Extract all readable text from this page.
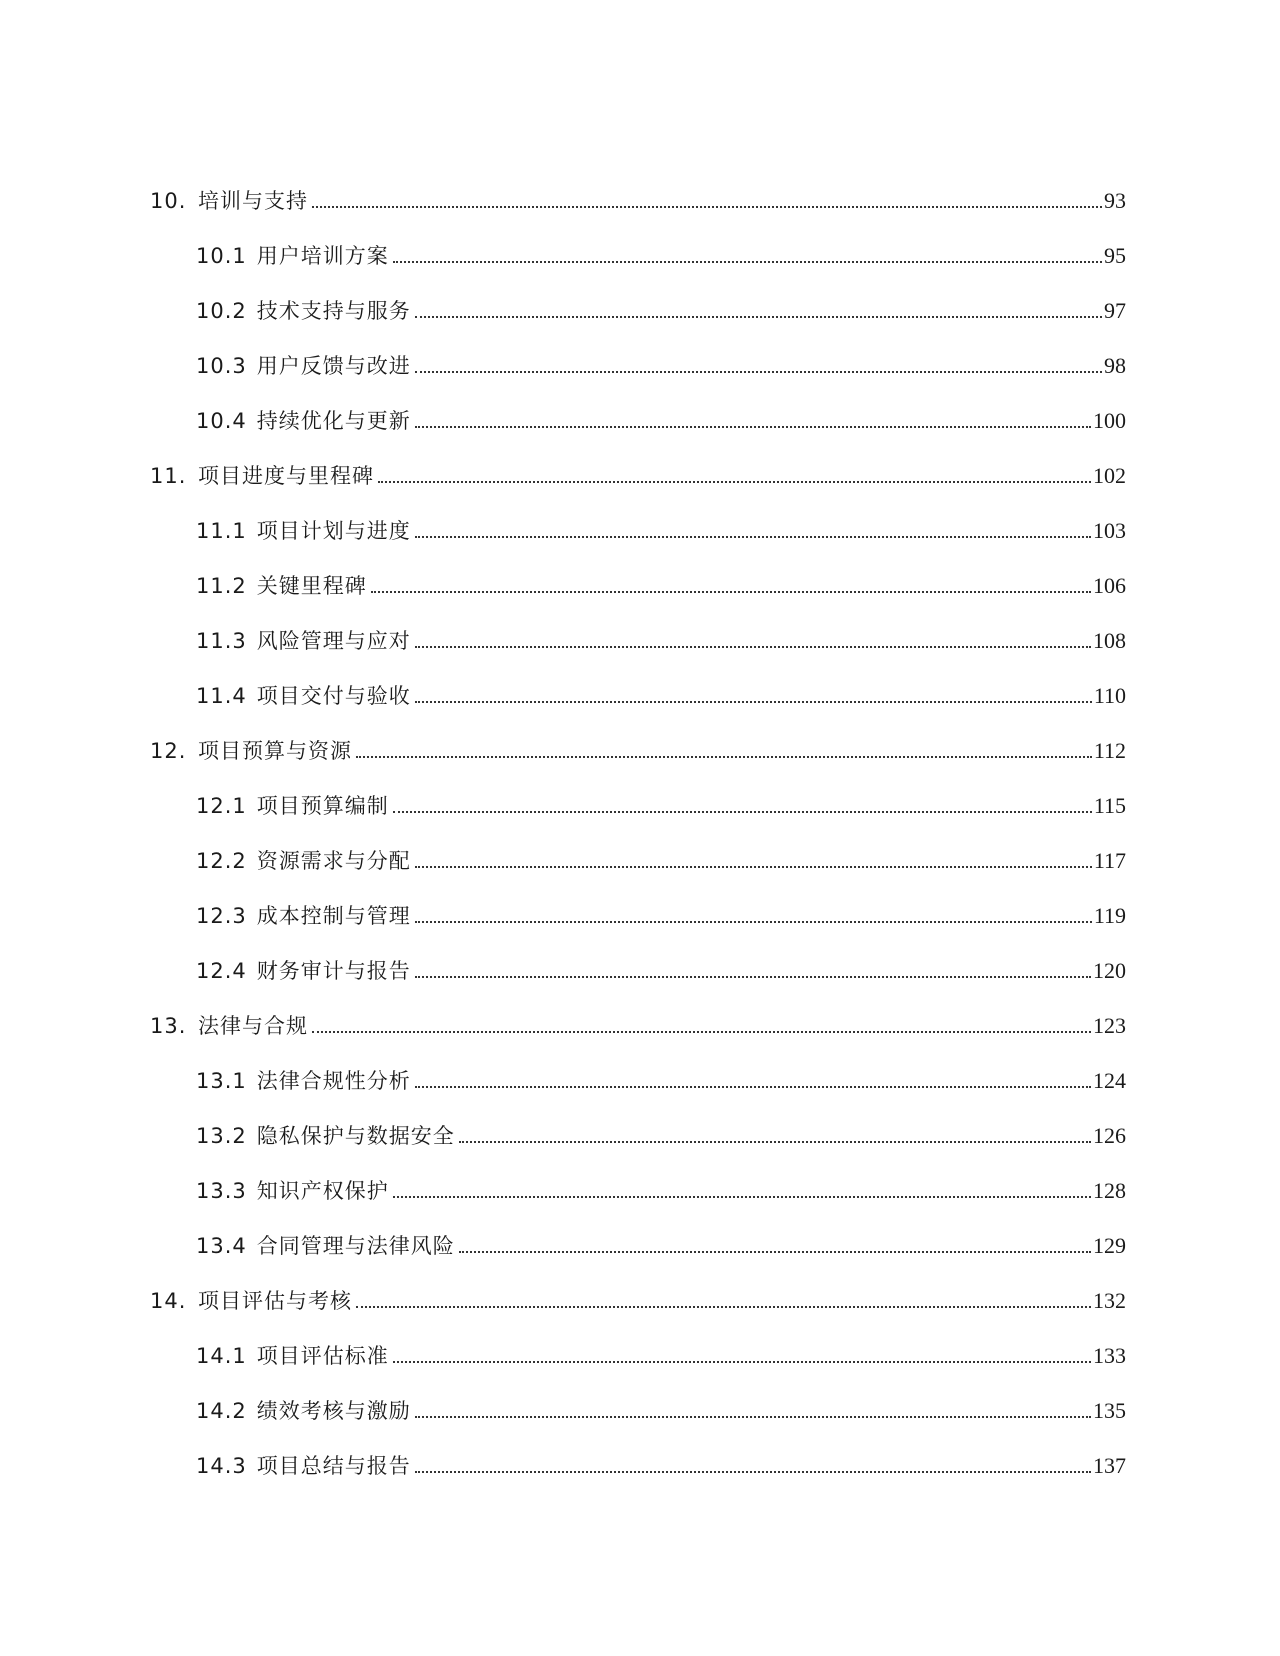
10. 培训与支持	93
10.1 用户培训方案	95
10.2 技术支持与服务	97
10.3 用户反馈与改进	98
10.4 持续优化与更新	100
11. 项目进度与里程碑	102
11.1 项目计划与进度	103
11.2 关键里程碑	106
11.3 风险管理与应对	108
11.4 项目交付与验收	110
12. 项目预算与资源	112
12.1 项目预算编制	115
12.2 资源需求与分配	117
12.3 成本控制与管理	119
12.4 财务审计与报告	120
13. 法律与合规	123
13.1 法律合规性分析	124
13.2 隐私保护与数据安全	126
13.3 知识产权保护	128
13.4 合同管理与法律风险	129
14. 项目评估与考核	132
14.1 项目评估标准	133
14.2 绩效考核与激励	135
14.3 项目总结与报告	137
